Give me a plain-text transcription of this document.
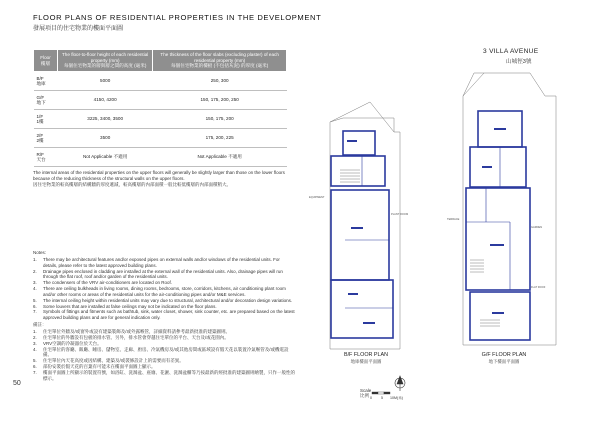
FLOOR PLANS OF RESIDENTIAL PROPERTIES IN THE DEVELOPMENT
發展項目的住宅物業的樓面平面圖
Floor
樓層	The floor-to-floor height of each residential property (mm)
每個住宅物業的層與層之間的高度 (毫米)	The thickness of the floor slabs (excluding plaster) of each residential property (mm)
每個住宅物業的樓板 (不包括灰泥) 的厚度 (毫米)
B/F
地庫	5000	250, 300
G/F
地下	4150, 4200	150, 175, 200, 250
1/F
1樓	3225, 3400, 3500	150, 175, 200
2/F
2樓	3500	175, 200, 225
R/F
天台	Not Applicable 不適用	Not Applicable 不適用
The internal areas of the residential properties on the upper floors will generally be slightly larger than those on the lower floors because of the reducing thickness of the structural walls on the upper floors.
因住宅物業的較高樓層的結構牆的厚度遞減，較高樓層的內部面積一般比較低樓層的內部面積稍大。
Notes:
1. There may be architectural features and/or exposed pipes on external walls and/or windows of the residential units. For details, please refer to the latest approved building plans.
2. Drainage pipes enclosed in cladding are installed at the external wall of the residential units. Also, drainage pipes will run through the flat roof, roof and/or garden of the residential units.
3. The condensers of the VRV air-conditioners are located on Roof.
4. There are ceiling bulkheads in living rooms, dining rooms, bedrooms, store, corridors, kitchens, air conditioning plant room and/or other rooms or areas of the residential units for the air-conditioning pipes and/or M&E services.
5. The internal ceiling height within residential units may vary due to structural, architectural and/or decoration design variations.
6. Some louvers that are installed at false ceilings may not be indicated on the floor plans.
7. Symbols of fittings and fitments such as bathtub, sink, water closet, shower, sink counter, etc. are prepared based on the latest approved building plans and are for general indication only.
備註：
1. 住宅單位外牆及/或窗外或設有建築裝飾及/或外露喉管，詳細資料請參考最新批准的建築圖則。
2. 住宅單位的外牆設有包板的排水管。另外，排水管會穿越住宅單位的平台、天台及/或花園內。
3. VRV空調的冷凝器位於天台。
4. 住宅單位的客廳、飯廳、睡房、儲物室、走廊、廚房、冷氣機房及/或其他房間或區域設有假天花以裝置冷氣喉管及/或機電設備。
5. 住宅單位內天花高度或因結構、建築及/或裝修設計上的需要而有差異。
6. 部份安裝於假天花的百葉有可能未在樓面平面圖上顯示。
7. 樓面平面圖上所顯示的裝置符號，如浴缸、洗滌盆、座廁、花灑、洗滌盆櫃等乃按最新的經批准的建築圖則繪製，只作一般性的標示。
50
3 VILLA AVENUE
山城徑3號
EQUIPMENT
PLANT ROOM
GARDEN
FLAT ROOF
TERRACE
B/F FLOOR PLAN
地庫樓面平面圖
G/F FLOOR PLAN
地下樓面平面圖
Scale
比例 0	5 10M(米)
